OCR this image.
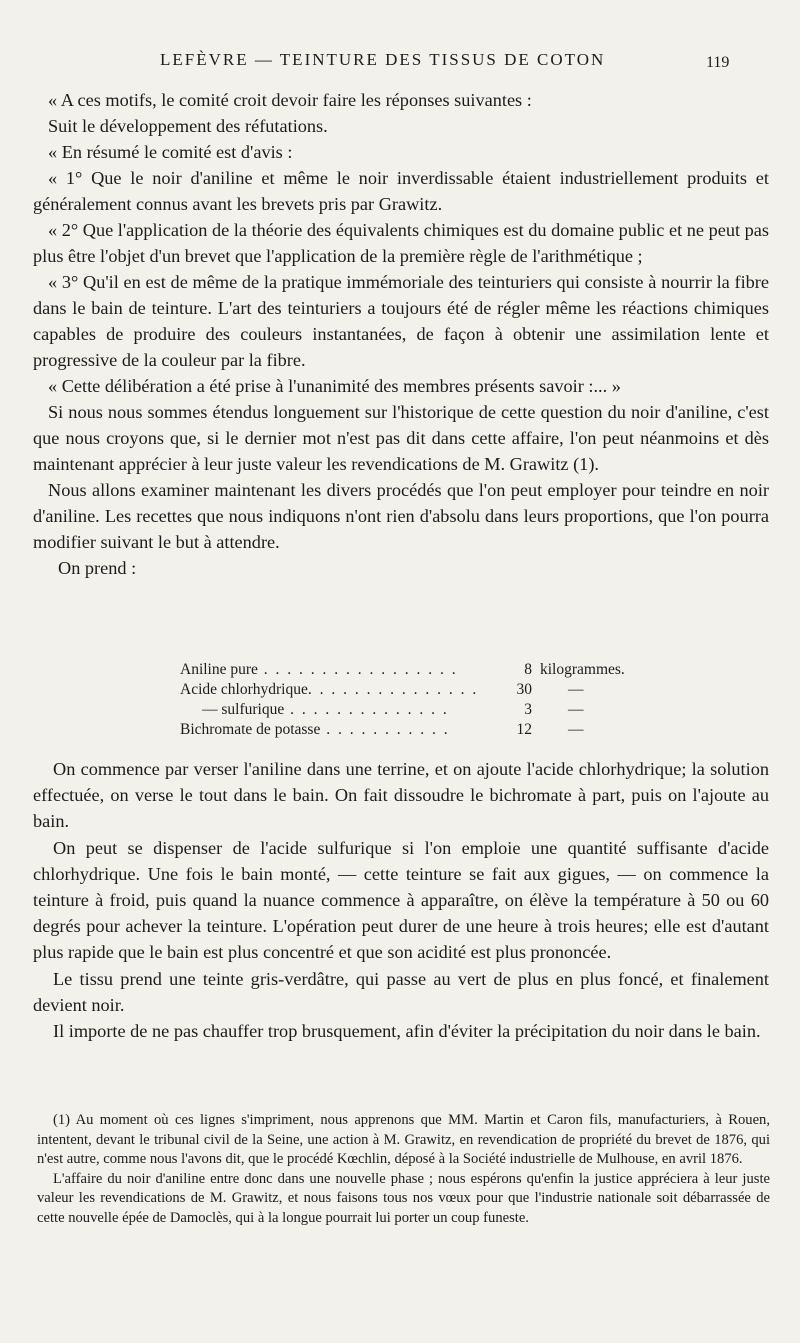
LEFÈVRE — TEINTURE DES TISSUS DE COTON	119

« A ces motifs, le comité croit devoir faire les réponses suivantes :

Suit le développement des réfutations.

« En résumé le comité est d'avis :

« 1° Que le noir d'aniline et même le noir inverdissable étaient industriellement produits et généralement connus avant les brevets pris par Grawitz.

« 2° Que l'application de la théorie des équivalents chimiques est du domaine public et ne peut pas plus être l'objet d'un brevet que l'application de la première règle de l'arithmétique ;

« 3° Qu'il en est de même de la pratique immémoriale des teinturiers qui consiste à nourrir la fibre dans le bain de teinture. L'art des teinturiers a toujours été de régler même les réactions chimiques capables de produire des couleurs instantanées, de façon à obtenir une assimilation lente et progressive de la couleur par la fibre.

« Cette délibération a été prise à l'unanimité des membres présents savoir :... »

Si nous nous sommes étendus longuement sur l'historique de cette question du noir d'aniline, c'est que nous croyons que, si le dernier mot n'est pas dit dans cette affaire, l'on peut néanmoins et dès maintenant apprécier à leur juste valeur les revendications de M. Grawitz (1).

Nous allons examiner maintenant les divers procédés que l'on peut employer pour teindre en noir d'aniline. Les recettes que nous indiquons n'ont rien d'absolu dans leurs proportions, que l'on pourra modifier suivant le but à attendre.

On prend :

Aniline pure . . . . . . . . . . . . . . . . .	8	kilogrammes.
Acide chlorhydrique. . . . . . . . . . . . . . .	30	—
— sulfurique . . . . . . . . . . . . . .	3	—
Bichromate de potasse . . . . . . . . . . .	12	—

On commence par verser l'aniline dans une terrine, et on ajoute l'acide chlorhydrique; la solution effectuée, on verse le tout dans le bain. On fait dissoudre le bichromate à part, puis on l'ajoute au bain.

On peut se dispenser de l'acide sulfurique si l'on emploie une quantité suffisante d'acide chlorhydrique. Une fois le bain monté, — cette teinture se fait aux gigues, — on commence la teinture à froid, puis quand la nuance commence à apparaître, on élève la température à 50 ou 60 degrés pour achever la teinture. L'opération peut durer de une heure à trois heures; elle est d'autant plus rapide que le bain est plus concentré et que son acidité est plus prononcée.

Le tissu prend une teinte gris-verdâtre, qui passe au vert de plus en plus foncé, et finalement devient noir.

Il importe de ne pas chauffer trop brusquement, afin d'éviter la précipitation du noir dans le bain.

(1) Au moment où ces lignes s'impriment, nous apprenons que MM. Martin et Caron fils, manufacturiers, à Rouen, intentent, devant le tribunal civil de la Seine, une action à M. Grawitz, en revendication de propriété du brevet de 1876, qui n'est autre, comme nous l'avons dit, que le procédé Kœchlin, déposé à la Société industrielle de Mulhouse, en avril 1876.

L'affaire du noir d'aniline entre donc dans une nouvelle phase ; nous espérons qu'enfin la justice appréciera à leur juste valeur les revendications de M. Grawitz, et nous faisons tous nos vœux pour que l'industrie nationale soit débarrassée de cette nouvelle épée de Damoclès, qui à la longue pourrait lui porter un coup funeste.
